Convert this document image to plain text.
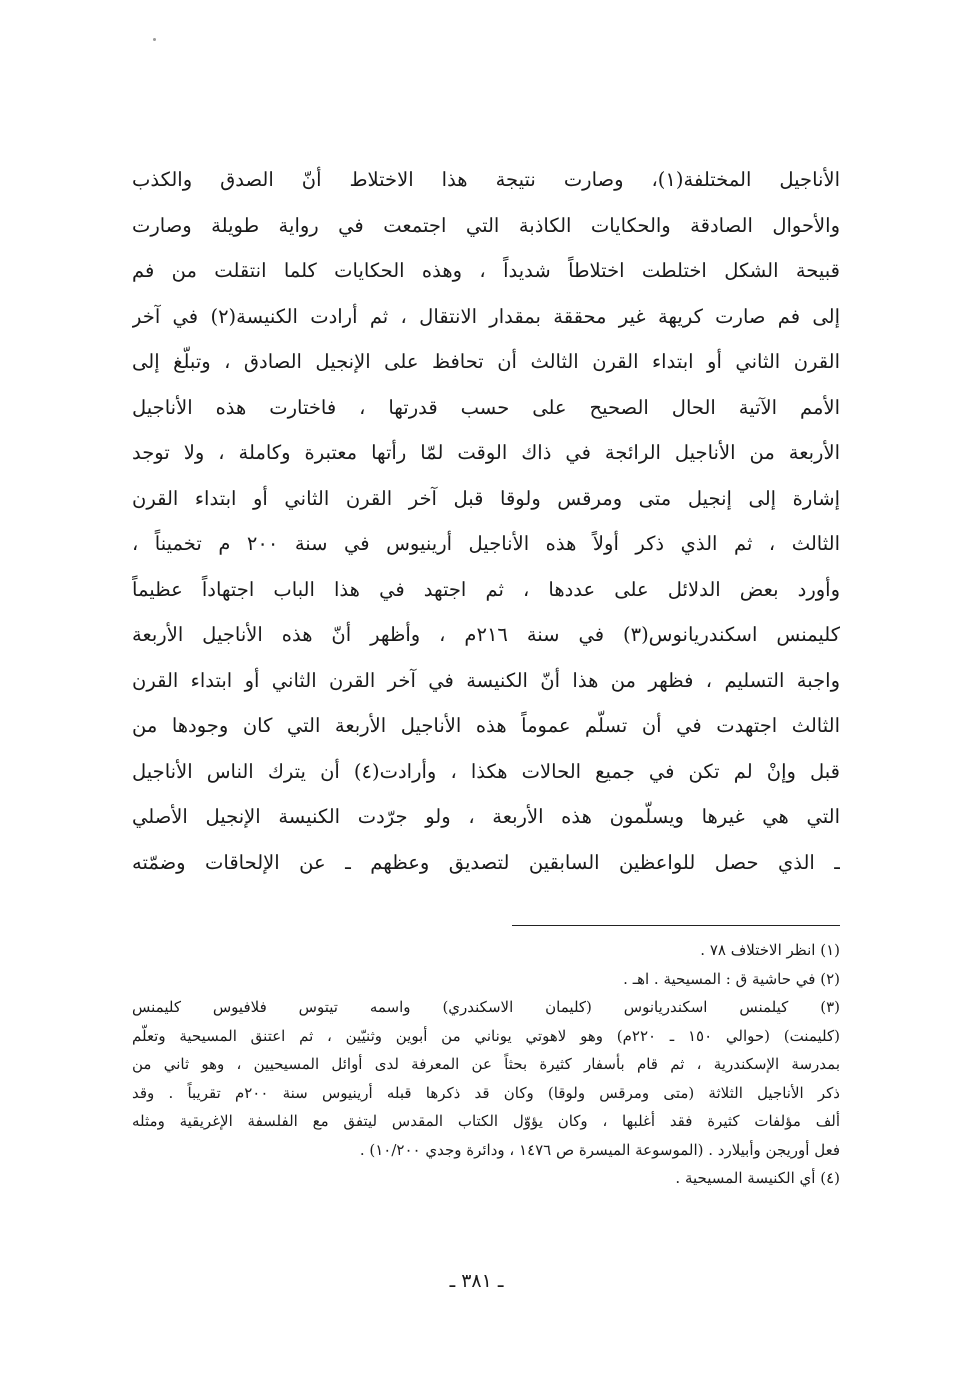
الأناجيل المختلفة(١)، وصارت نتيجة هذا الاختلاط أنّ الصدق والكذب
والأحوال الصادقة والحكايات الكاذبة التي اجتمعت في رواية طويلة وصارت
قبيحة الشكل اختلطت اختلاطاً شديداً ، وهذه الحكايات كلما انتقلت من فم
إلى فم صارت كريهة غير محققة بمقدار الانتقال ، ثم أرادت الكنيسة(٢) في آخر
القرن الثاني أو ابتداء القرن الثالث أن تحافظ على الإنجيل الصادق ، وتبلّغ إلى
الأمم الآتية الحال الصحيح على حسب قدرتها ، فاختارت هذه الأناجيل
الأربعة من الأناجيل الرائجة في ذاك الوقت لمّا رأتها معتبرة وكاملة ، ولا توجد
إشارة إلى إنجيل متى ومرقس ولوقا قبل آخر القرن الثاني أو ابتداء القرن
الثالث ، ثم الذي ذكر أولاً هذه الأناجيل أرينيوس في سنة ٢٠٠ م تخميناً ،
وأورد بعض الدلائل على عددها ، ثم اجتهد في هذا الباب اجتهاداً عظيماً
كليمنس اسكندريانوس(٣) في سنة ٢١٦م ، وأظهر أنّ هذه الأناجيل الأربعة
واجبة التسليم ، فظهر من هذا أنّ الكنيسة في آخر القرن الثاني أو ابتداء القرن
الثالث اجتهدت في أن تسلّم عموماً هذه الأناجيل الأربعة التي كان وجودها من
قبل وإنْ لم تكن في جميع الحالات هكذا ، وأرادت(٤) أن يترك الناس الأناجيل
التي هي غيرها ويسلّمون هذه الأربعة ، ولو جرّدت الكنيسة الإنجيل الأصلي
ـ الذي حصل للواعظين السابقين لتصديق وعظهم ـ عن الإلحاقات وضمّته
(١) انظر الاختلاف ٧٨ .
(٢) في حاشية ق : المسيحية . اهـ .
(٣) كيلمنس اسكندريانوس (كليمان الاسكندري) واسمه تيتوس فلافيوس كليمنس
(كليمنت) (حوالي ١٥٠ ـ ٢٢٠م) وهو لاهوتي يوناني من أبوين وثنيّين ، ثم اعتنق المسيحية وتعلّم
بمدرسة الإسكندرية ، ثم قام بأسفار كثيرة بحثاً عن المعرفة لدى أوائل المسيحيين ، وهو ثاني من
ذكر الأناجيل الثلاثة (متى ومرقس ولوقا) وكان قد ذكرها قبله أرينيوس سنة ٢٠٠م تقريباً . وقد
ألف مؤلفات كثيرة فقد أغلبها ، وكان يؤوّل الكتاب المقدس ليتفق مع الفلسفة الإغريقية ومثله
فعل أوريجن وأبيلارد . (الموسوعة الميسرة ص ١٤٧٦ ، ودائرة وجدي ١٠/٢٠٠) .
(٤) أي الكنيسة المسيحية .
ـ ٣٨١ ـ
